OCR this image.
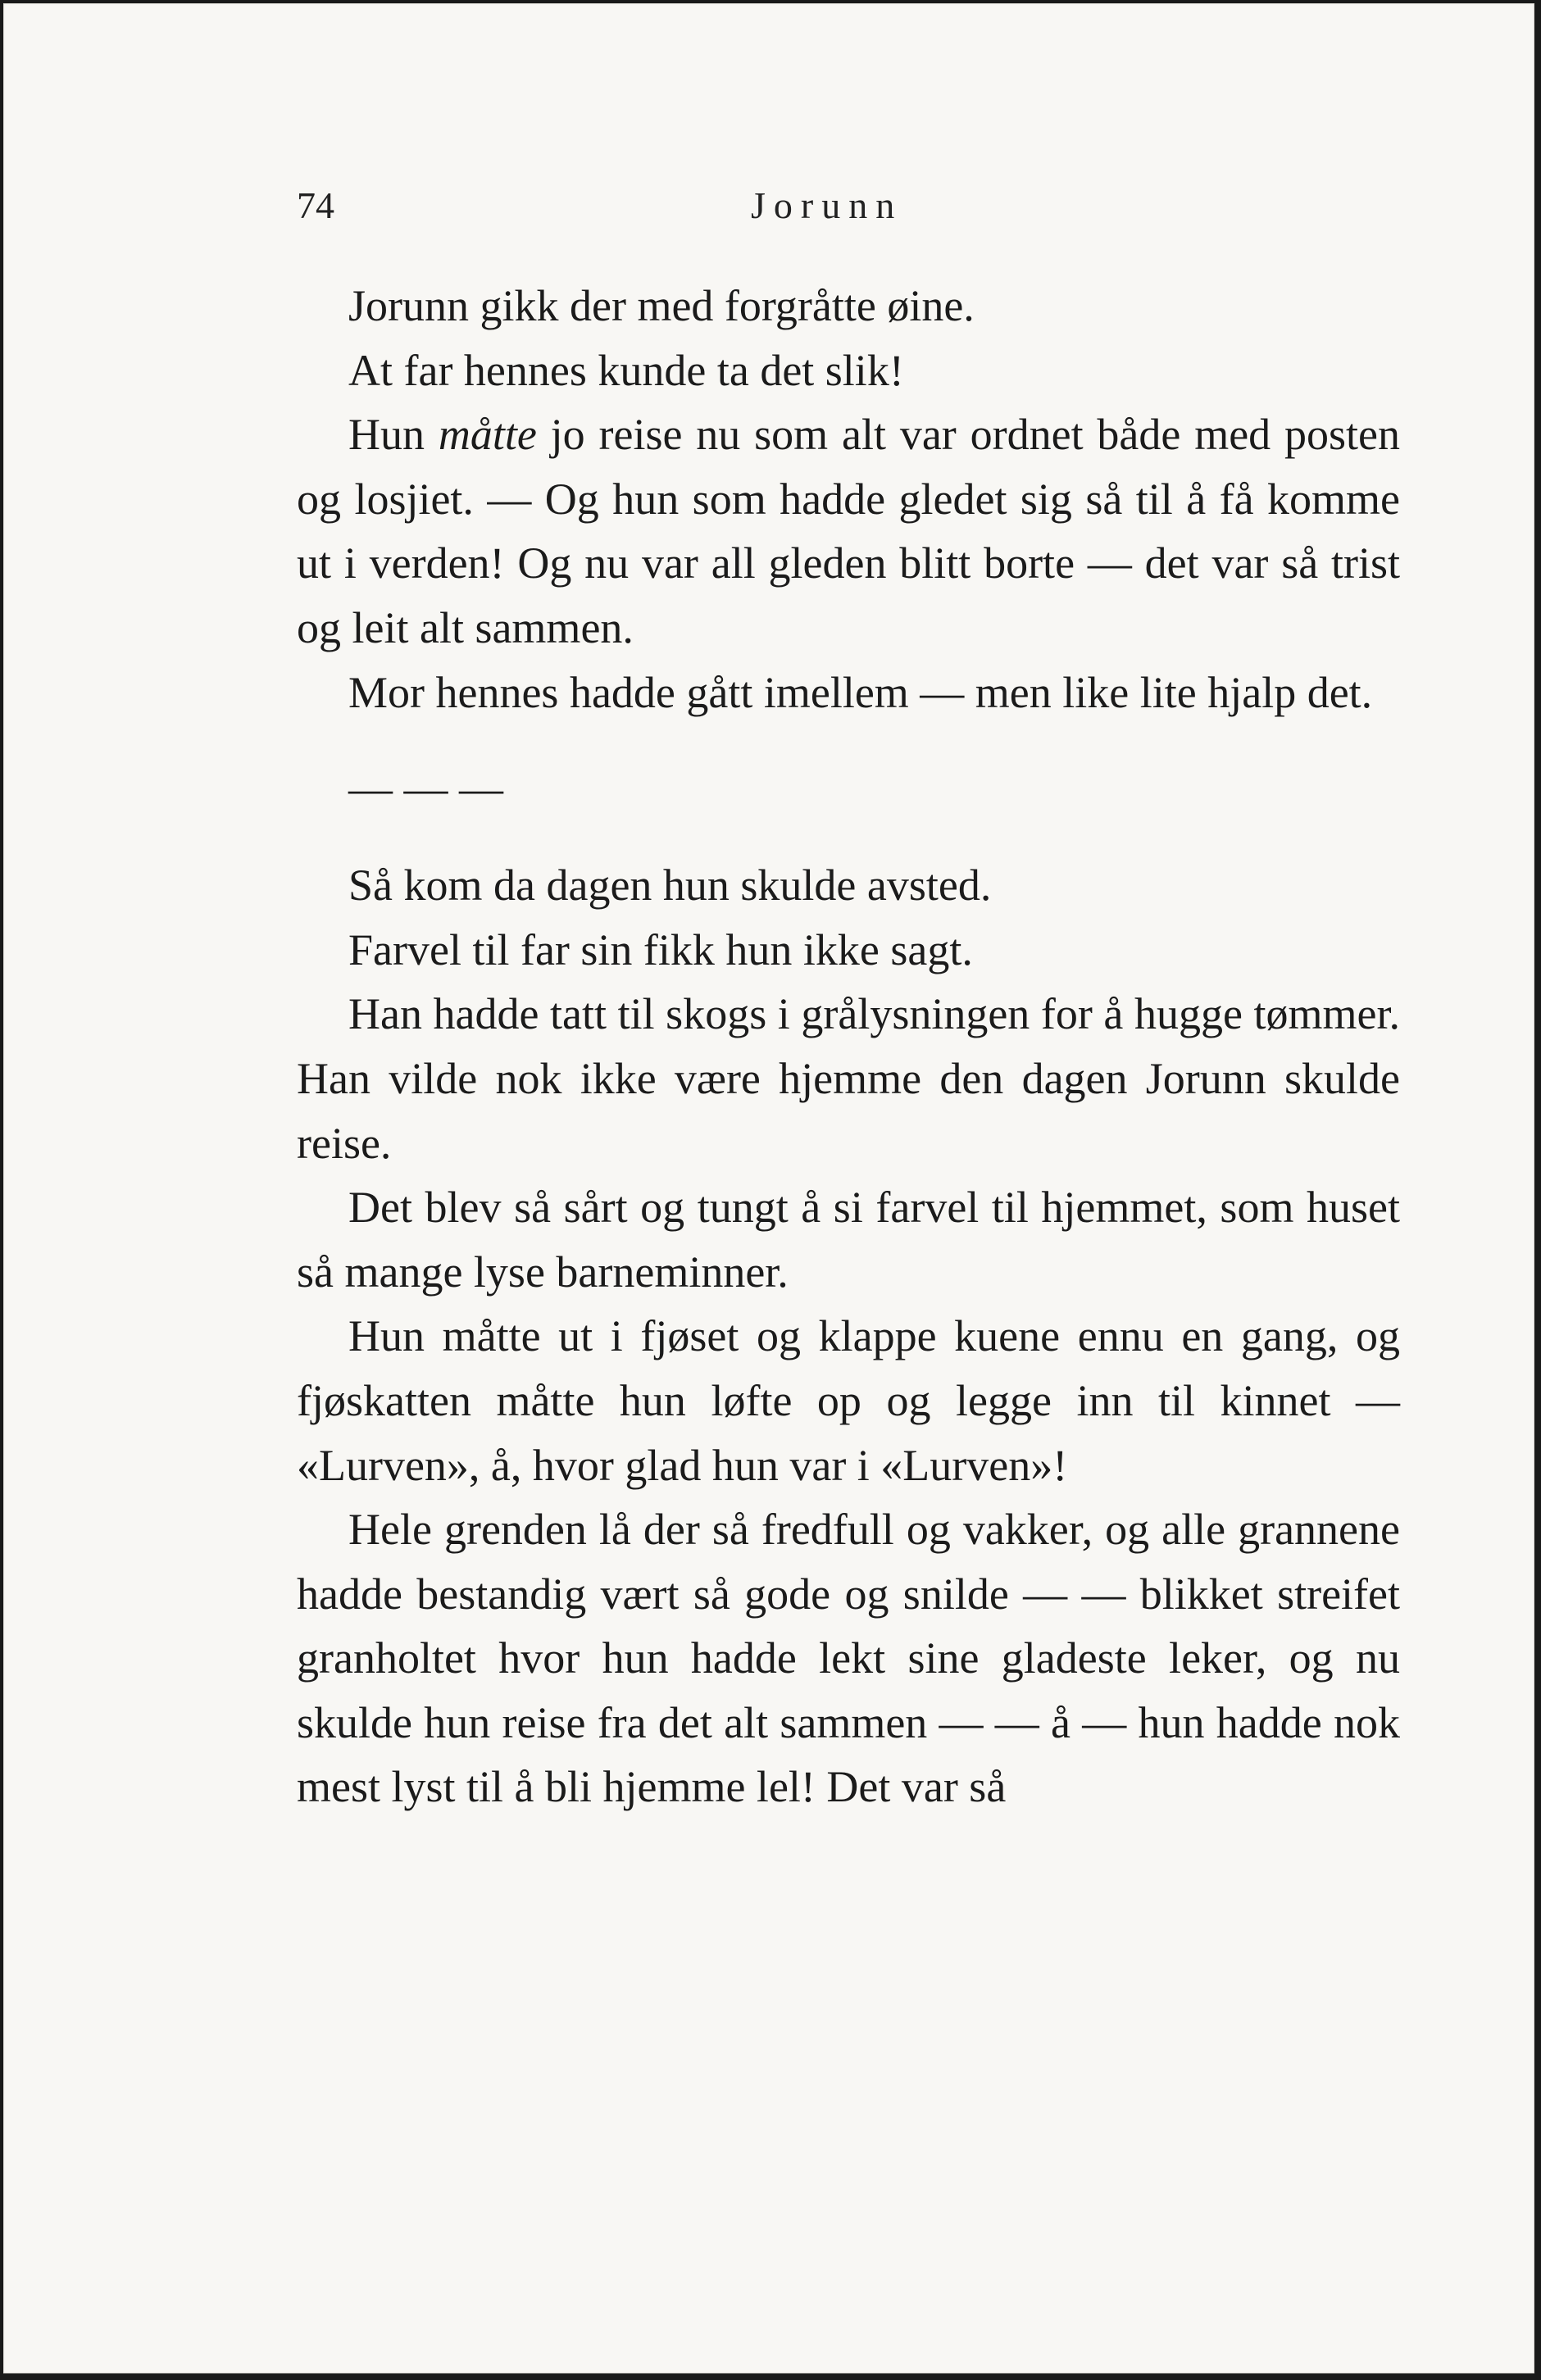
74	Jorunn

Jorunn gikk der med forgråtte øine.

At far hennes kunde ta det slik!

Hun måtte jo reise nu som alt var ordnet både med posten og losjiet. — Og hun som hadde gledet sig så til å få komme ut i verden! Og nu var all gleden blitt borte — det var så trist og leit alt sammen.

Mor hennes hadde gått imellem — men like lite hjalp det.

— — —

Så kom da dagen hun skulde avsted.

Farvel til far sin fikk hun ikke sagt.

Han hadde tatt til skogs i grålysningen for å hugge tømmer. Han vilde nok ikke være hjemme den dagen Jorunn skulde reise.

Det blev så sårt og tungt å si farvel til hjemmet, som huset så mange lyse barneminner.

Hun måtte ut i fjøset og klappe kuene ennu en gang, og fjøskatten måtte hun løfte op og legge inn til kinnet — «Lurven», å, hvor glad hun var i «Lurven»!

Hele grenden lå der så fredfull og vakker, og alle grannene hadde bestandig vært så gode og snilde — — blikket streifet granholtet hvor hun hadde lekt sine gladeste leker, og nu skulde hun reise fra det alt sammen — — å — hun hadde nok mest lyst til å bli hjemme lel! Det var så
